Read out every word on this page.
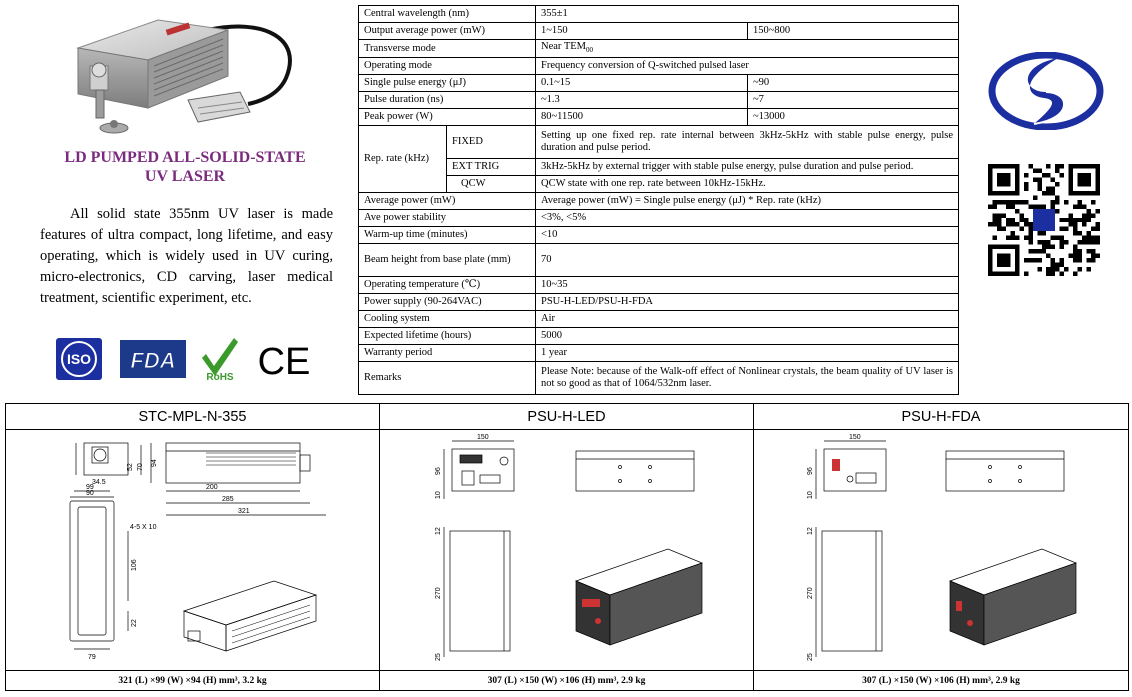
LD PUMPED ALL-SOLID-STATE
UV LASER

All solid state 355nm UV laser is made features of ultra compact, long lifetime, and easy operating, which is widely used in UV curing, micro-electronics, CD carving, laser medical treatment, scientific experiment, etc.

ISO FDA
RoHS CE
Central wavelength (nm)		355±1	
Output average power (mW)		1~150	150~800
Transverse mode		Near $TEM_{00}$
Operating mode		Frequency conversion of Q-switched pulsed laser	
Single pulse energy (μJ)		0.1~15	~90
Pulse duration (ns)		~1.3	~7
Peak power (W)		80~11500	~13000
Rep. rate (kHz)	FIXED	Setting up one fixed rep. rate internal between 3kHz-5kHz with stable pulse energy, pulse duration and pulse period.	
	EXT TRIG	3kHz-5kHz by external trigger with stable pulse energy, pulse duration and pulse period.	
	QCW	QCW state with one rep. rate between 10kHz-15kHz.	
Average power (mW)		Average power (mW) = Single pulse energy (μJ) * Rep. rate (kHz)	
Ave power stability		<3%, <5%	
Warm-up time (minutes)		<10	
Beam height from base plate (mm)		70	
Operating temperature (℃)		10~35	
Power supply (90-264VAC)		PSU-H-LED/PSU-H-FDA	
Cooling system		Air	
Expected lifetime (hours)		5000	
Warranty period		1 year	
Remarks		Please Note: because of the Walk-off effect of Nonlinear crystals, the beam quality of UV laser is not so good as that of 1064/532nm laser.	
STC-MPL-N-355
34.5
52 70
94
200
285
321
99
90
4-5 X 10
106
22
79
321 (L) ×99 (W) ×94 (H) mm³, 3.2 kg
PSU-H-LED
150
96
10
12
270
25
307 (L) ×150 (W) ×106 (H) mm³, 2.9 kg
PSU-H-FDA
150
96
10
12
270
25
307 (L) ×150 (W) ×106 (H) mm³, 2.9 kg
